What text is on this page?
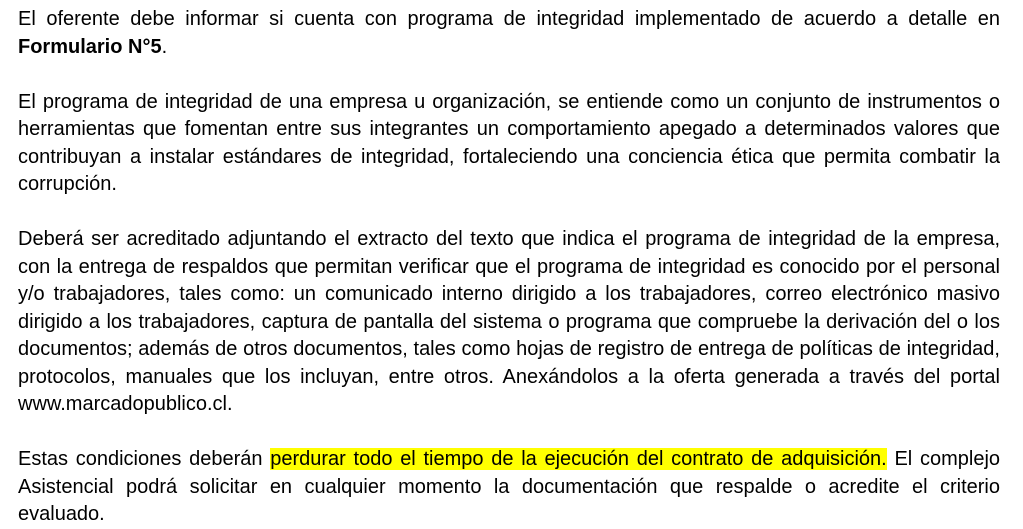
El oferente debe informar si cuenta con programa de integridad implementado de acuerdo a detalle en Formulario N°5.

El programa de integridad de una empresa u organización, se entiende como un conjunto de instrumentos o herramientas que fomentan entre sus integrantes un comportamiento apegado a determinados valores que contribuyan a instalar estándares de integridad, fortaleciendo una conciencia ética que permita combatir la corrupción.

Deberá ser acreditado adjuntando el extracto del texto que indica el programa de integridad de la empresa, con la entrega de respaldos que permitan verificar que el programa de integridad es conocido por el personal y/o trabajadores, tales como: un comunicado interno dirigido a los trabajadores, correo electrónico masivo dirigido a los trabajadores, captura de pantalla del sistema o programa que compruebe la derivación del o los documentos; además de otros documentos, tales como hojas de registro de entrega de políticas de integridad, protocolos, manuales que los incluyan, entre otros. Anexándolos a la oferta generada a través del portal www.marcadopublico.cl.

Estas condiciones deberán perdurar todo el tiempo de la ejecución del contrato de adquisición. El complejo Asistencial podrá solicitar en cualquier momento la documentación que respalde o acredite el criterio evaluado.
